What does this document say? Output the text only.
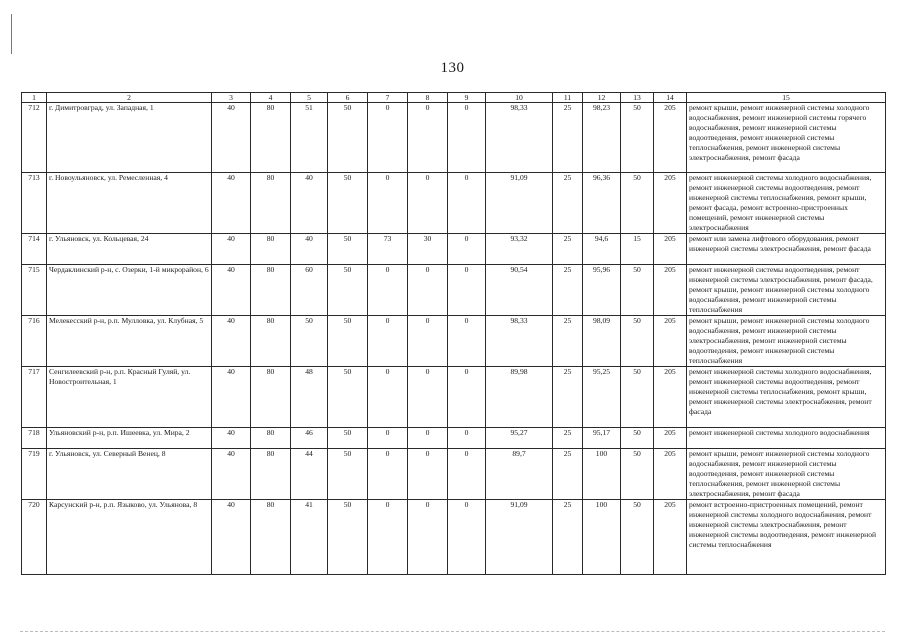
130
1	2	3	4	5	6	7	8	9	10	11	12	13	14	15
712	г. Димитровград, ул. Западная, 1	40	80	51	50	0	0	0	98,33	25	98,23	50	205	ремонт крыши, ремонт инженерной системы холодного водоснабжения, ремонт инженерной системы горячего водоснабжения, ремонт инженерной системы водоотведения, ремонт инженерной системы теплоснабжения, ремонт инженерной системы электроснабжения, ремонт фасада
713	г. Новоульяновск, ул. Ремесленная, 4	40	80	40	50	0	0	0	91,09	25	96,36	50	205	ремонт инженерной системы холодного водоснабжения, ремонт инженерной системы водоотведения, ремонт инженерной системы теплоснабжения, ремонт крыши, ремонт фасада, ремонт встроенно-пристроенных помещений, ремонт инженерной системы электроснабжения
714	г. Ульяновск, ул. Кольцевая, 24	40	80	40	50	73	30	0	93,32	25	94,6	15	205	ремонт или замена лифтового оборудования, ремонт инженерной системы электроснабжения, ремонт фасада
715	Чердаклинский р-н, с. Озерки, 1-й микрорайон, 6	40	80	60	50	0	0	0	90,54	25	95,96	50	205	ремонт инженерной системы водоотведения, ремонт инженерной системы электроснабжения, ремонт фасада, ремонт крыши, ремонт инженерной системы холодного водоснабжения, ремонт инженерной системы теплоснабжения
716	Мелекесский р-н, р.п. Мулловка, ул. Клубная, 5	40	80	50	50	0	0	0	98,33	25	98,09	50	205	ремонт крыши, ремонт инженерной системы холодного водоснабжения, ремонт инженерной системы электроснабжения, ремонт инженерной системы водоотведения, ремонт инженерной системы теплоснабжения
717	Сенгилеевский р-н, р.п. Красный Гуляй, ул. Новостроительная, 1	40	80	48	50	0	0	0	89,98	25	95,25	50	205	ремонт инженерной системы холодного водоснабжения, ремонт инженерной системы водоотведения, ремонт инженерной системы теплоснабжения, ремонт крыши, ремонт инженерной системы электроснабжения, ремонт фасада
718	Ульяновский р-н, р.п. Ишеевка, ул. Мира, 2	40	80	46	50	0	0	0	95,27	25	95,17	50	205	ремонт инженерной системы холодного водоснабжения
719	г. Ульяновск, ул. Северный Венец, 8	40	80	44	50	0	0	0	89,7	25	100	50	205	ремонт крыши, ремонт инженерной системы холодного водоснабжения, ремонт инженерной системы водоотведения, ремонт инженерной системы теплоснабжения, ремонт инженерной системы электроснабжения, ремонт фасада
720	Карсунский р-н, р.п. Языково, ул. Ульянова, 8	40	80	41	50	0	0	0	91,09	25	100	50	205	ремонт встроенно-пристроенных помещений, ремонт инженерной системы холодного водоснабжения, ремонт инженерной системы электроснабжения, ремонт инженерной системы водоотведения, ремонт инженерной системы теплоснабжения
